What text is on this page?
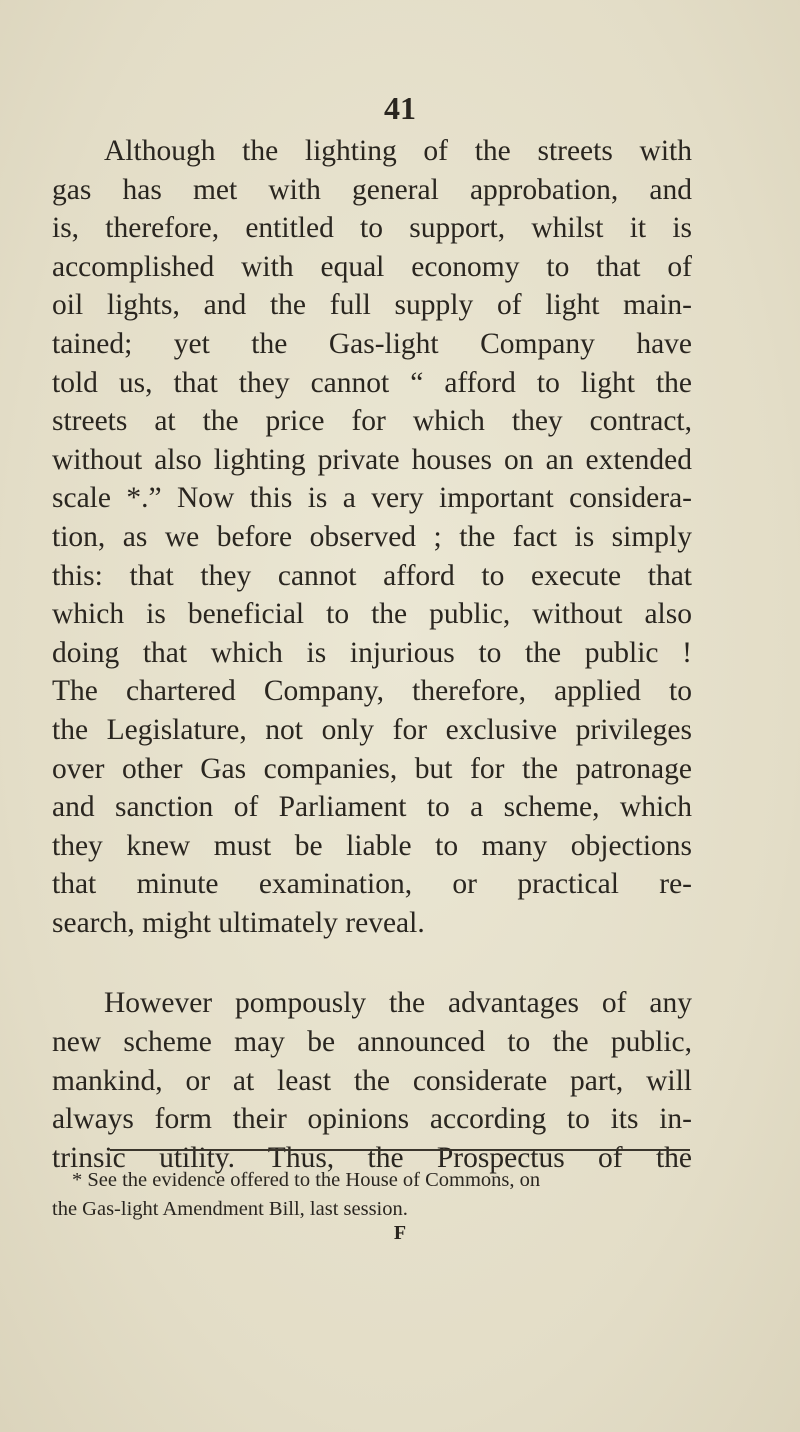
41
Although the lighting of the streets with
gas has met with general approbation, and
is, therefore, entitled to support, whilst it is
accomplished with equal economy to that of
oil lights, and the full supply of light main-
tained; yet the Gas-light Company have
told us, that they cannot “ afford to light the
streets at the price for which they contract,
without also lighting private houses on an extended
scale *.” Now this is a very important considera-
tion, as we before observed ; the fact is simply
this: that they cannot afford to execute that
which is beneficial to the public, without also
doing that which is injurious to the public !
The chartered Company, therefore, applied to
the Legislature, not only for exclusive privileges
over other Gas companies, but for the patronage
and sanction of Parliament to a scheme, which
they knew must be liable to many objections
that minute examination, or practical re-
search, might ultimately reveal.
However pompously the advantages of any
new scheme may be announced to the public,
mankind, or at least the considerate part, will
always form their opinions according to its in-
trinsic utility. Thus, the Prospectus of the
* See the evidence offered to the House of Commons, on
the Gas-light Amendment Bill, last session.
F
